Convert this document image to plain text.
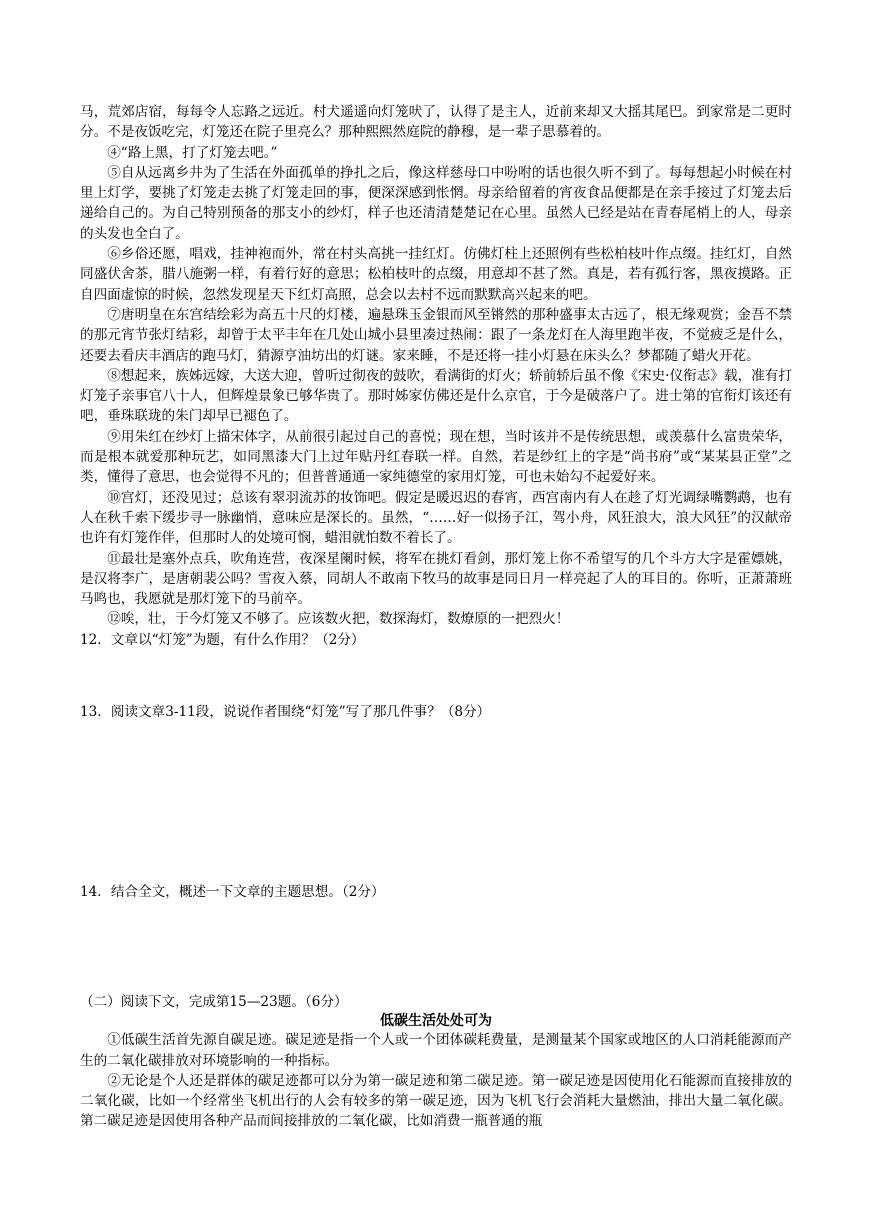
马，荒郊店宿，每每令人忘路之远近。村犬遥遥向灯笼吠了，认得了是主人，近前来却又大摇其尾巴。到家常是二更时分。不是夜饭吃完，灯笼还在院子里亮么？那种熙熙然庭院的静穆，是一辈子思慕着的。

④“路上黑，打了灯笼去吧。”

⑤自从远离乡井为了生活在外面孤单的挣扎之后，像这样慈母口中吩咐的话也很久听不到了。每每想起小时候在村里上灯学，要挑了灯笼走去挑了灯笼走回的事，便深深感到怅惘。母亲给留着的宵夜食品便都是在亲手接过了灯笼去后递给自己的。为自己特别预备的那支小的纱灯，样子也还清清楚楚记在心里。虽然人已经是站在青春尾梢上的人，母亲的头发也全白了。

⑥乡俗还愿，唱戏，挂神袍而外，常在村头高挑一挂红灯。仿佛灯柱上还照例有些松柏枝叶作点缀。挂红灯，自然同盛伏舍茶，腊八施粥一样，有着行好的意思；松柏枝叶的点缀，用意却不甚了然。真是，若有孤行客，黑夜摸路。正自四面虚惊的时候，忽然发现星天下红灯高照，总会以去村不远而默默高兴起来的吧。

⑦唐明皇在东宫结绘彩为高五十尺的灯楼，遍悬珠玉金银而风至锵然的那种盛事太古远了，根无缘观赏；金吾不禁的那元宵节张灯结彩，却曾于太平丰年在几处山城小县里凑过热闹：跟了一条龙灯在人海里跑半夜，不觉疲乏是什么，还要去看庆丰酒店的跑马灯，猜源亨油坊出的灯谜。家来睡，不是还将一挂小灯悬在床头么？梦都随了蜡火开花。

⑧想起来，族姊远嫁，大送大迎，曾听过彻夜的鼓吹，看满街的灯火；轿前轿后虽不像《宋史·仪衔志》载，准有打灯笼子亲事官八十人，但辉煌景象已够华贵了。那时姊家仿佛还是什么京官，于今是破落户了。进士第的官衔灯该还有吧，垂珠联珑的朱门却早已褪色了。

⑨用朱红在纱灯上描宋体字，从前很引起过自己的喜悦；现在想，当时该并不是传统思想，或羡慕什么富贵荣华，而是根本就爱那种玩艺，如同黑漆大门上过年贴丹红春联一样。自然，若是纱红上的字是“尚书府”或“某某县正堂”之类，懂得了意思，也会觉得不凡的；但普普通通一家纯德堂的家用灯笼，可也未始勾不起爱好来。

⑩宫灯，还没见过；总该有翠羽流苏的妆饰吧。假定是暖迟迟的春宵，西宫南内有人在趁了灯光调绿嘴鹦鹉，也有人在秋千索下缓步寻一脉幽悄，意味应是深长的。虽然，“……好一似扬子江，驾小舟，风狂浪大，浪大风狂”的汉献帝也许有灯笼作伴，但那时人的处境可悯，蜡泪就怕数不着长了。

⑪最壮是塞外点兵，吹角连营，夜深星阑时候，将军在挑灯看剑，那灯笼上你不希望写的几个斗方大字是霍嫖姚，是汉将李广，是唐朝裴公吗？雪夜入蔡，同胡人不敢南下牧马的故事是同日月一样亮起了人的耳目的。你听，正萧萧班马鸣也，我愿就是那灯笼下的马前卒。

⑫唉，壮，于今灯笼又不够了。应该数火把，数探海灯，数燎原的一把烈火！

12．文章以“灯笼”为题，有什么作用？（2分）

13．阅读文章3-11段，说说作者围绕“灯笼”写了那几件事？（8分）

14．结合全文，概述一下文章的主题思想。（2分）

（二）阅读下文，完成第15—23题。（6分）

低碳生活处处可为

①低碳生活首先源自碳足迹。碳足迹是指一个人或一个团体碳耗费量，是测量某个国家或地区的人口消耗能源而产生的二氧化碳排放对环境影响的一种指标。

②无论是个人还是群体的碳足迹都可以分为第一碳足迹和第二碳足迹。第一碳足迹是因使用化石能源而直接排放的二氧化碳，比如一个经常坐飞机出行的人会有较多的第一碳足迹，因为飞机飞行会消耗大量燃油，排出大量二氧化碳。第二碳足迹是因使用各种产品而间接排放的二氧化碳，比如消费一瓶普通的瓶
